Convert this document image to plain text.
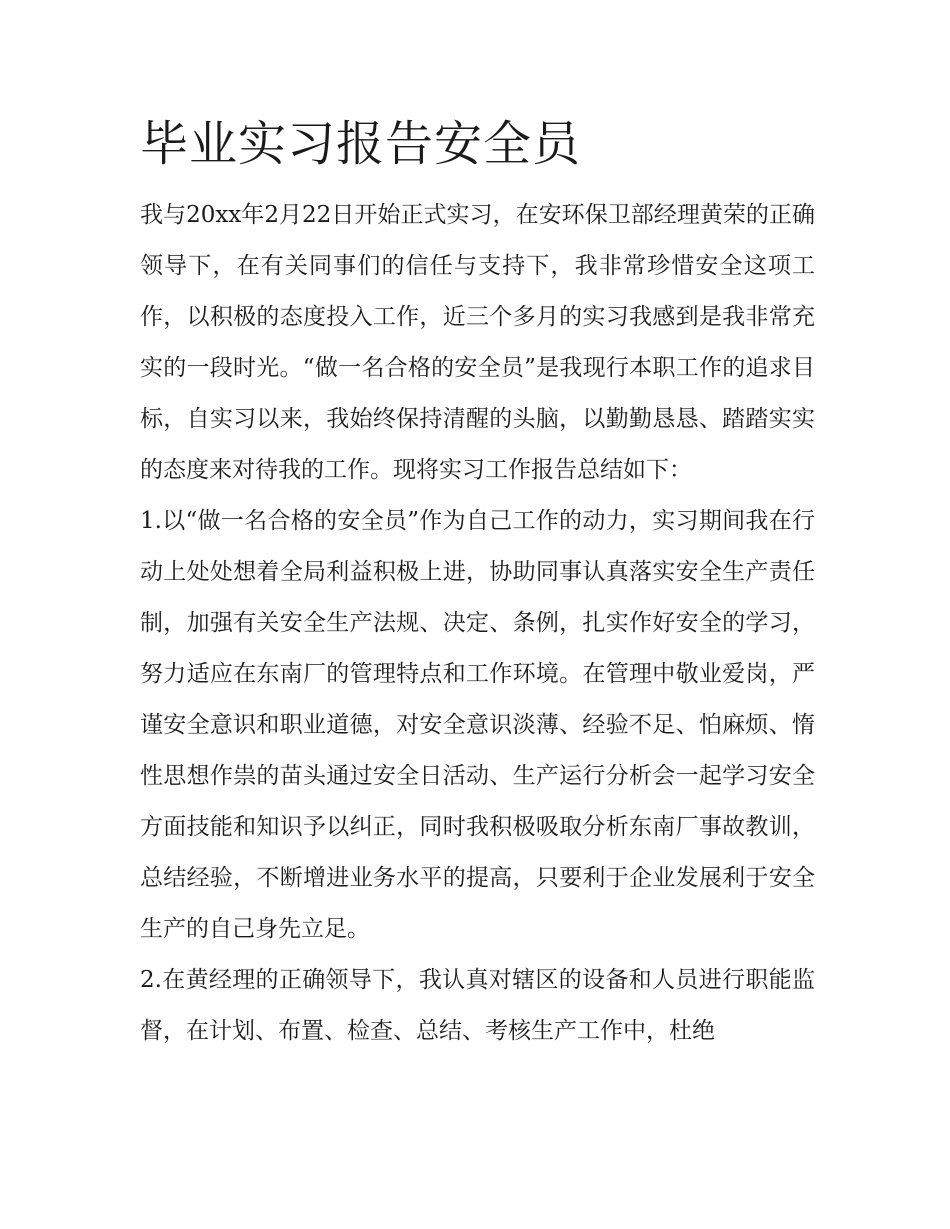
毕业实习报告安全员

我与20xx年2月22日开始正式实习，在安环保卫部经理黄荣的正确领导下，在有关同事们的信任与支持下，我非常珍惜安全这项工作，以积极的态度投入工作，近三个多月的实习我感到是我非常充实的一段时光。“做一名合格的安全员”是我现行本职工作的追求目标，自实习以来，我始终保持清醒的头脑，以勤勤恳恳、踏踏实实的态度来对待我的工作。现将实习工作报告总结如下：

1.以“做一名合格的安全员”作为自己工作的动力，实习期间我在行动上处处想着全局利益积极上进，协助同事认真落实安全生产责任制，加强有关安全生产法规、决定、条例，扎实作好安全的学习，努力适应在东南厂的管理特点和工作环境。在管理中敬业爱岗，严谨安全意识和职业道德，对安全意识淡薄、经验不足、怕麻烦、惰性思想作祟的苗头通过安全日活动、生产运行分析会一起学习安全方面技能和知识予以纠正，同时我积极吸取分析东南厂事故教训，总结经验，不断增进业务水平的提高，只要利于企业发展利于安全生产的自己身先立足。

2.在黄经理的正确领导下，我认真对辖区的设备和人员进行职能监督，在计划、布置、检查、总结、考核生产工作中，杜绝
